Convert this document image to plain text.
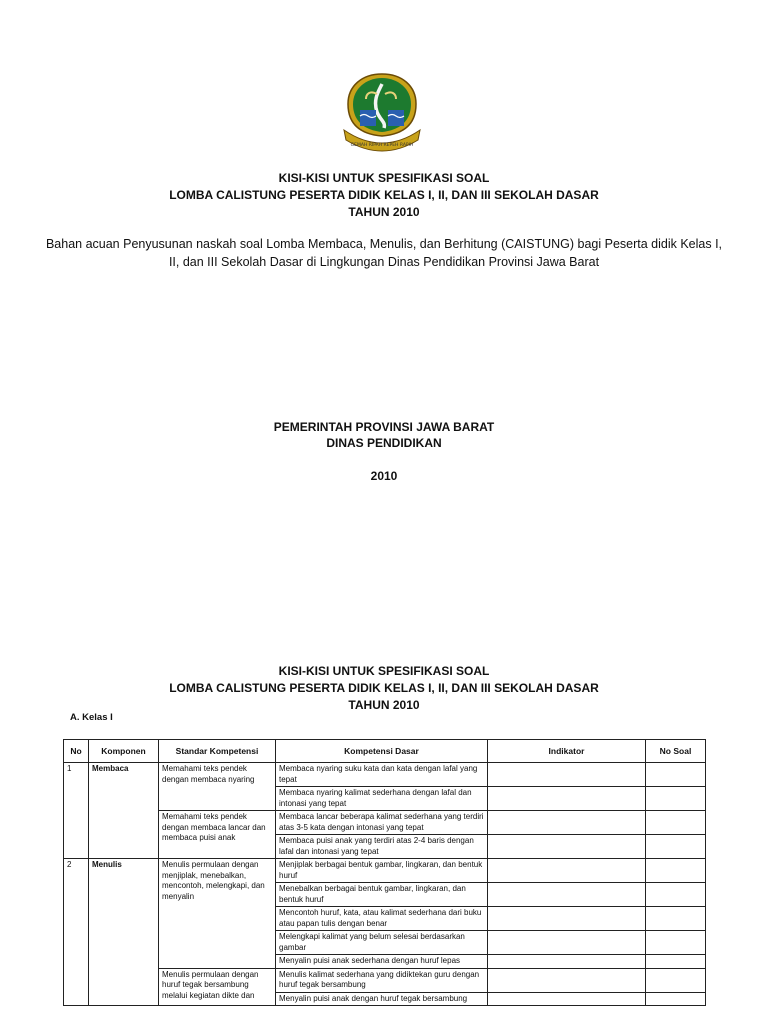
GEMAH RIPAH REPEH RAPIH
KISI-KISI UNTUK SPESIFIKASI SOAL
LOMBA CALISTUNG PESERTA DIDIK KELAS I, II, DAN III SEKOLAH DASAR
TAHUN 2010
Bahan acuan Penyusunan naskah soal Lomba Membaca, Menulis, dan Berhitung (CAISTUNG) bagi Peserta didik Kelas I, II, dan III Sekolah Dasar di Lingkungan Dinas Pendidikan Provinsi Jawa Barat
PEMERINTAH PROVINSI JAWA BARAT
DINAS PENDIDIKAN
2010
KISI-KISI UNTUK SPESIFIKASI SOAL
LOMBA CALISTUNG PESERTA DIDIK KELAS I, II, DAN III SEKOLAH DASAR
TAHUN 2010
A. Kelas I
No	Komponen	Standar Kompetensi	Kompetensi Dasar	Indikator	No Soal
1	Membaca	Memahami teks pendek dengan membaca nyaring	Membaca nyaring suku kata dan kata dengan lafal yang tepat		
			Membaca nyaring kalimat sederhana dengan lafal dan intonasi yang tepat		
		Memahami teks pendek dengan membaca lancar dan membaca puisi anak	Membaca lancar beberapa kalimat sederhana yang terdiri atas 3-5 kata dengan intonasi yang tepat		
			Membaca puisi anak yang terdiri atas 2-4 baris dengan lafal dan intonasi yang tepat		
2	Menulis	Menulis permulaan dengan menjiplak, menebalkan, mencontoh, melengkapi, dan menyalin	Menjiplak berbagai bentuk gambar, lingkaran, dan bentuk huruf		
			Menebalkan berbagai bentuk gambar, lingkaran, dan bentuk huruf		
			Mencontoh huruf, kata, atau kalimat sederhana dari buku atau papan tulis dengan benar		
			Melengkapi kalimat yang belum selesai berdasarkan gambar		
			Menyalin puisi anak sederhana dengan huruf lepas		
		Menulis permulaan dengan huruf tegak bersambung melalui kegiatan dikte dan	Menulis kalimat sederhana yang didiktekan guru dengan huruf tegak bersambung		
			Menyalin puisi anak dengan huruf tegak bersambung		
